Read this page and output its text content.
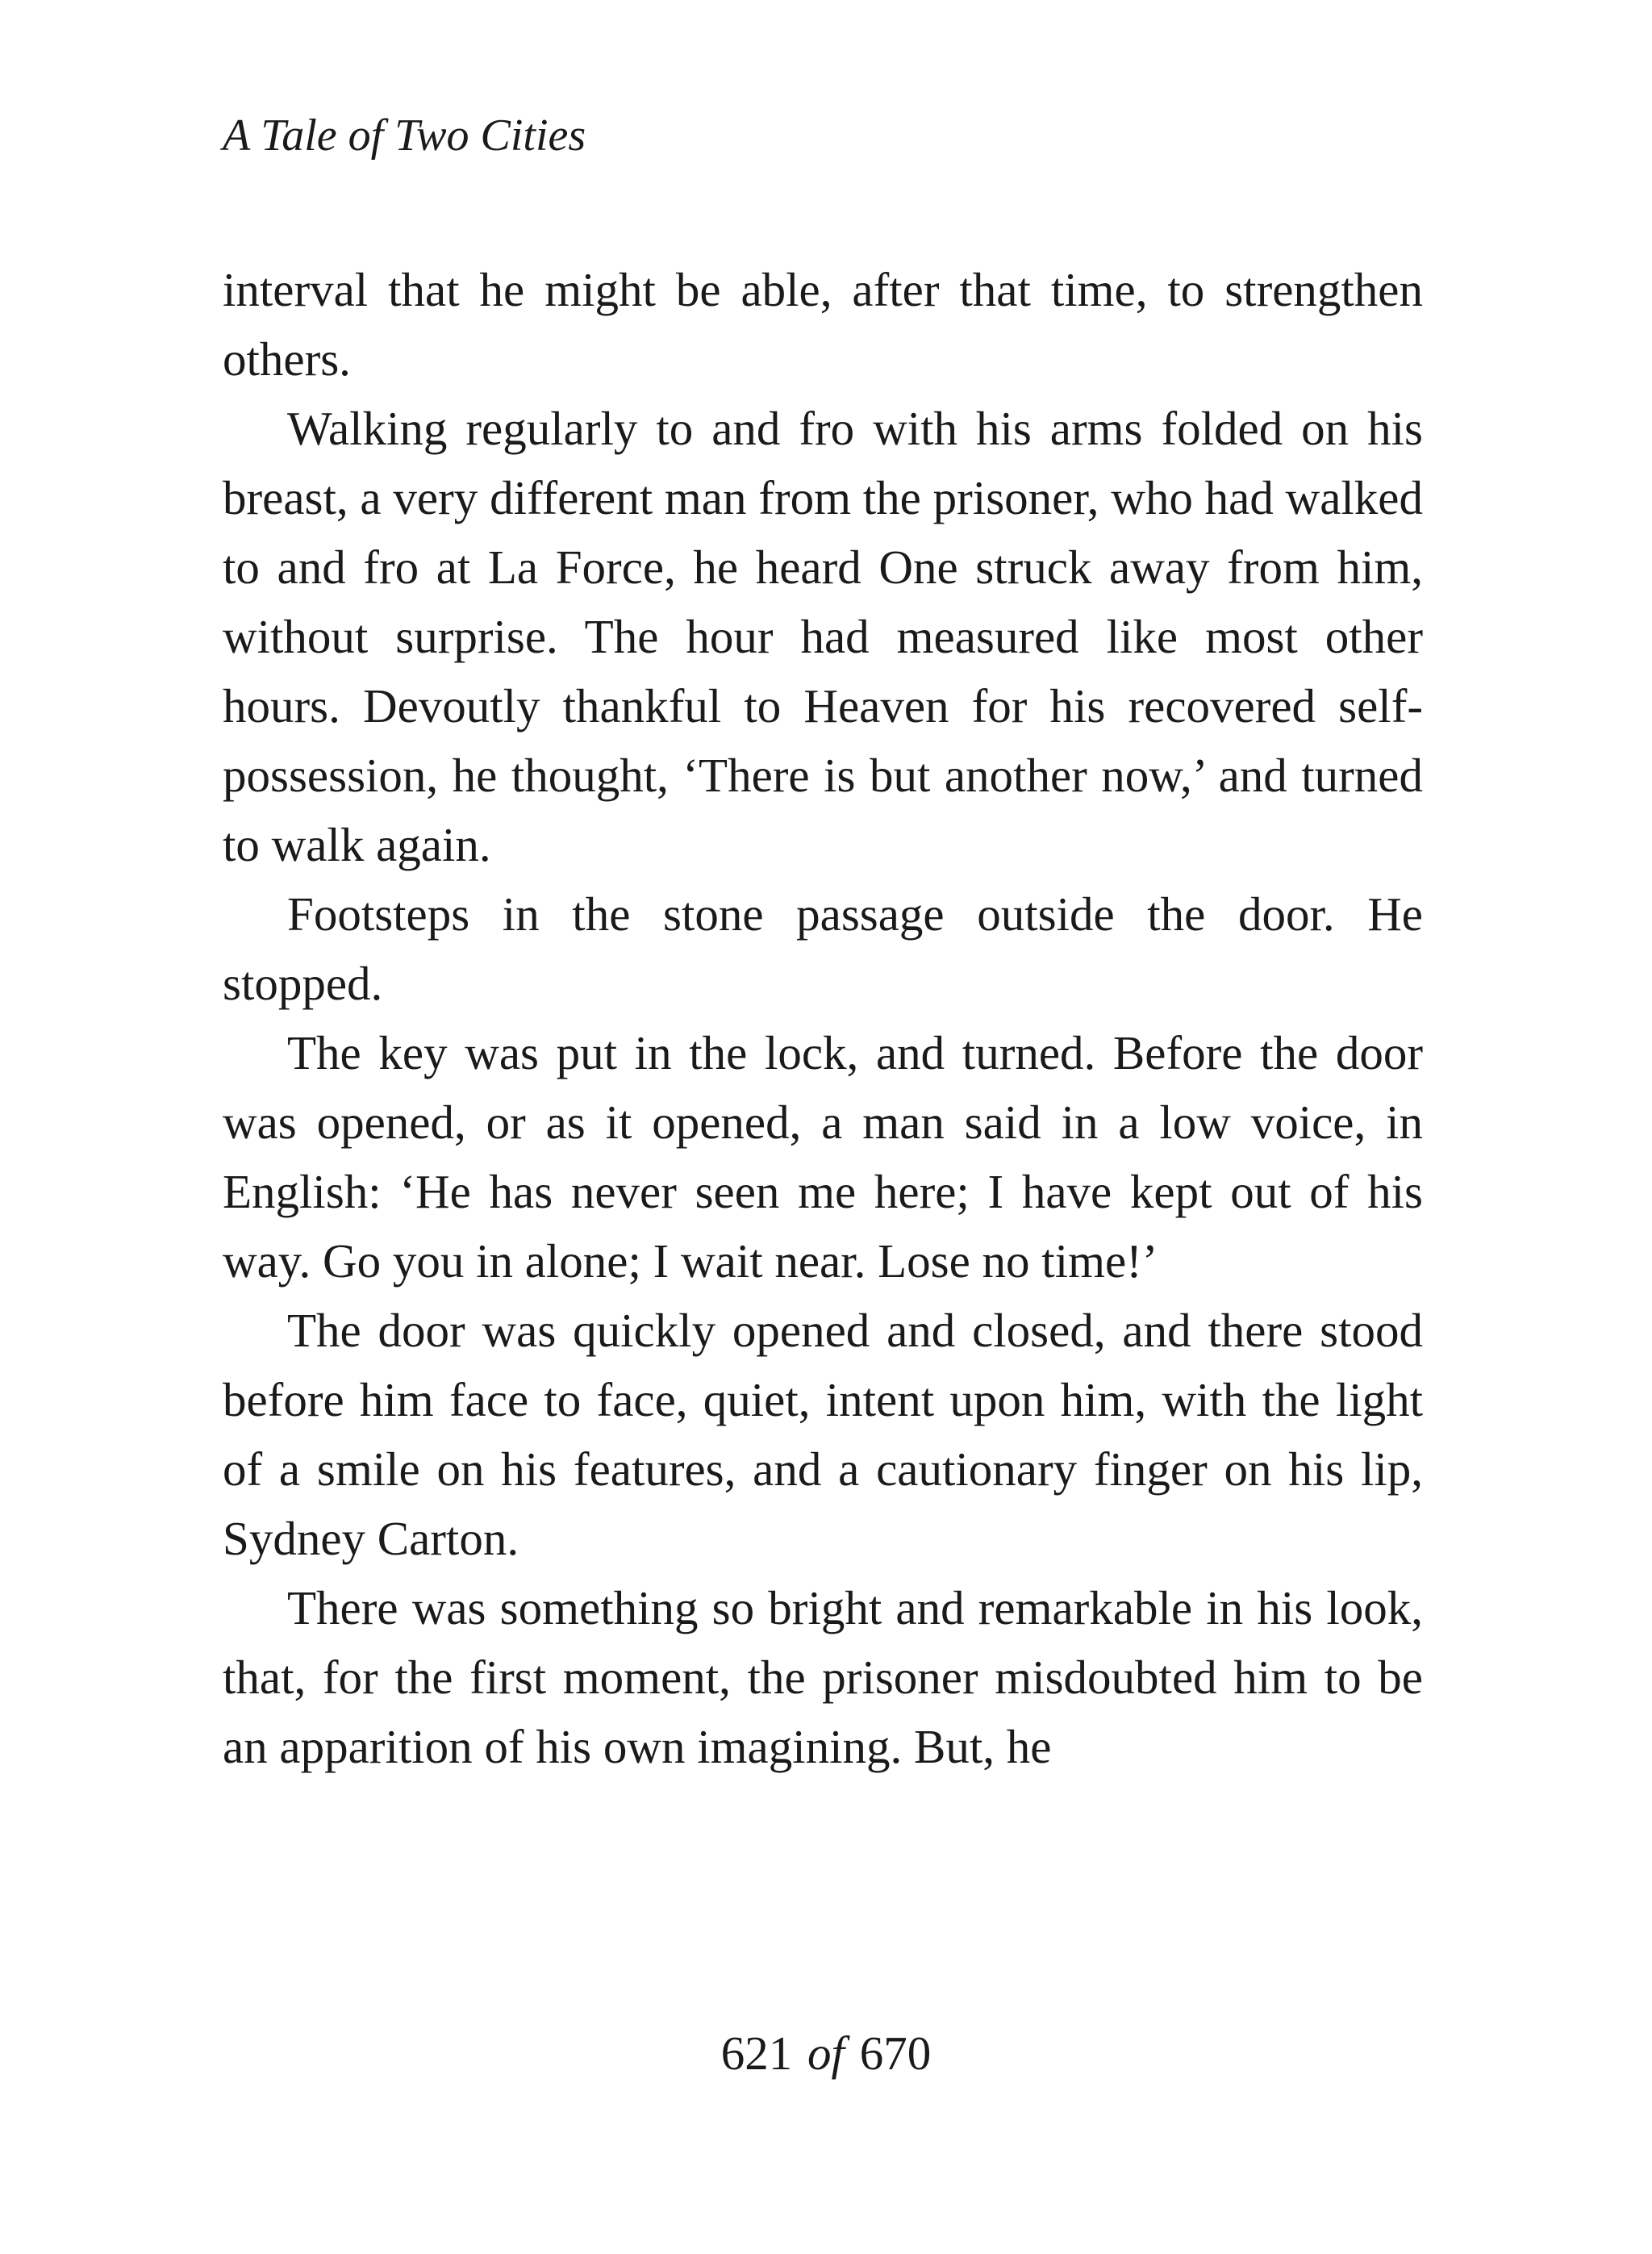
A Tale of Two Cities

interval that he might be able, after that time, to strengthen others.

Walking regularly to and fro with his arms folded on his breast, a very different man from the prisoner, who had walked to and fro at La Force, he heard One struck away from him, without surprise. The hour had measured like most other hours. Devoutly thankful to Heaven for his recovered self-possession, he thought, ‘There is but another now,’ and turned to walk again.

Footsteps in the stone passage outside the door. He stopped.

The key was put in the lock, and turned. Before the door was opened, or as it opened, a man said in a low voice, in English: ‘He has never seen me here; I have kept out of his way. Go you in alone; I wait near. Lose no time!’

The door was quickly opened and closed, and there stood before him face to face, quiet, intent upon him, with the light of a smile on his features, and a cautionary finger on his lip, Sydney Carton.

There was something so bright and remarkable in his look, that, for the first moment, the prisoner misdoubted him to be an apparition of his own imagining. But, he

621 of 670
